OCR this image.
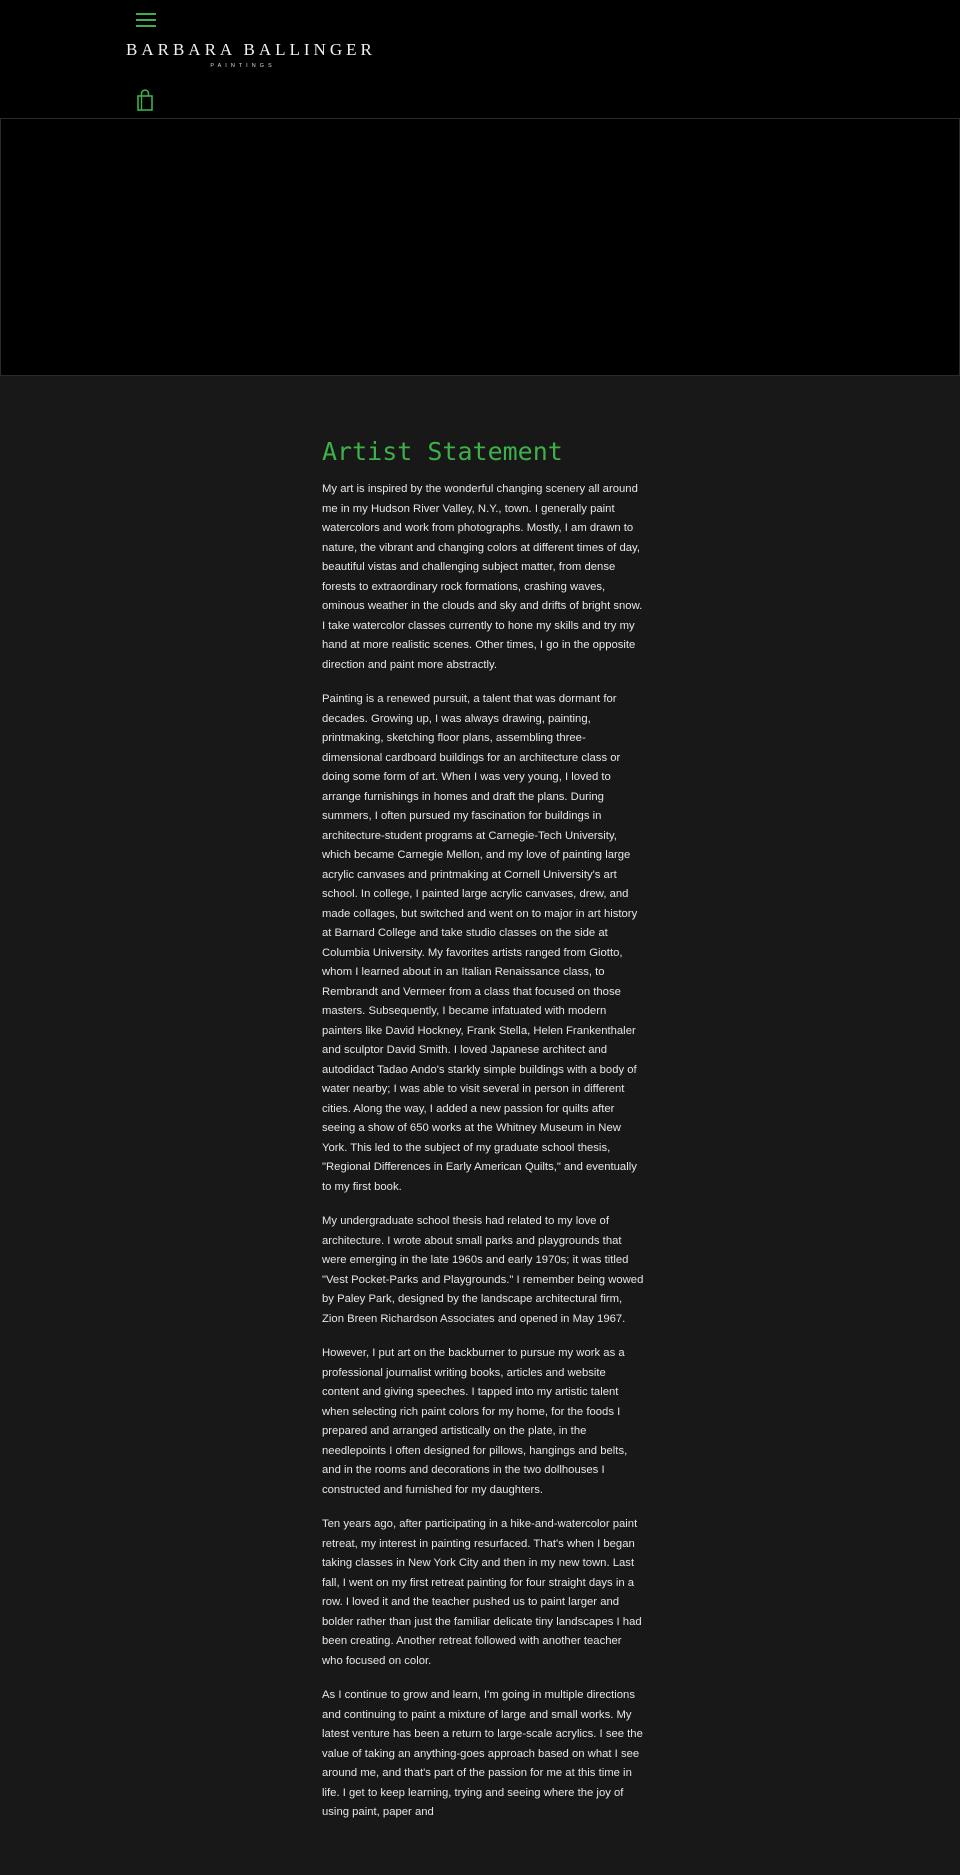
BARBARA BALLINGER
PAINTINGS
Artist Statement

My art is inspired by the wonderful changing scenery all around me in my Hudson River Valley, N.Y., town. I generally paint watercolors and work from photographs. Mostly, I am drawn to nature, the vibrant and changing colors at different times of day, beautiful vistas and challenging subject matter, from dense forests to extraordinary rock formations, crashing waves, ominous weather in the clouds and sky and drifts of bright snow. I take watercolor classes currently to hone my skills and try my hand at more realistic scenes. Other times, I go in the opposite direction and paint more abstractly.

Painting is a renewed pursuit, a talent that was dormant for decades. Growing up, I was always drawing, painting, printmaking, sketching floor plans, assembling three-dimensional cardboard buildings for an architecture class or doing some form of art. When I was very young, I loved to arrange furnishings in homes and draft the plans. During summers, I often pursued my fascination for buildings in architecture-student programs at Carnegie-Tech University, which became Carnegie Mellon, and my love of painting large acrylic canvases and printmaking at Cornell University's art school. In college, I painted large acrylic canvases, drew, and made collages, but switched and went on to major in art history at Barnard College and take studio classes on the side at Columbia University. My favorites artists ranged from Giotto, whom I learned about in an Italian Renaissance class, to Rembrandt and Vermeer from a class that focused on those masters. Subsequently, I became infatuated with modern painters like David Hockney, Frank Stella, Helen Frankenthaler and sculptor David Smith. I loved Japanese architect and autodidact Tadao Ando's starkly simple buildings with a body of water nearby; I was able to visit several in person in different cities. Along the way, I added a new passion for quilts after seeing a show of 650 works at the Whitney Museum in New York. This led to the subject of my graduate school thesis, "Regional Differences in Early American Quilts," and eventually to my first book.

My undergraduate school thesis had related to my love of architecture. I wrote about small parks and playgrounds that were emerging in the late 1960s and early 1970s; it was titled "Vest Pocket-Parks and Playgrounds." I remember being wowed by Paley Park, designed by the landscape architectural firm, Zion Breen Richardson Associates and opened in May 1967.

However, I put art on the backburner to pursue my work as a professional journalist writing books, articles and website content and giving speeches. I tapped into my artistic talent when selecting rich paint colors for my home, for the foods I prepared and arranged artistically on the plate, in the needlepoints I often designed for pillows, hangings and belts, and in the rooms and decorations in the two dollhouses I constructed and furnished for my daughters.

Ten years ago, after participating in a hike-and-watercolor paint retreat, my interest in painting resurfaced. That's when I began taking classes in New York City and then in my new town. Last fall, I went on my first retreat painting for four straight days in a row. I loved it and the teacher pushed us to paint larger and bolder rather than just the familiar delicate tiny landscapes I had been creating. Another retreat followed with another teacher who focused on color.

As I continue to grow and learn, I'm going in multiple directions and continuing to paint a mixture of large and small works. My latest venture has been a return to large-scale acrylics. I see the value of taking an anything-goes approach based on what I see around me, and that's part of the passion for me at this time in life. I get to keep learning, trying and seeing where the joy of using paint, paper and
